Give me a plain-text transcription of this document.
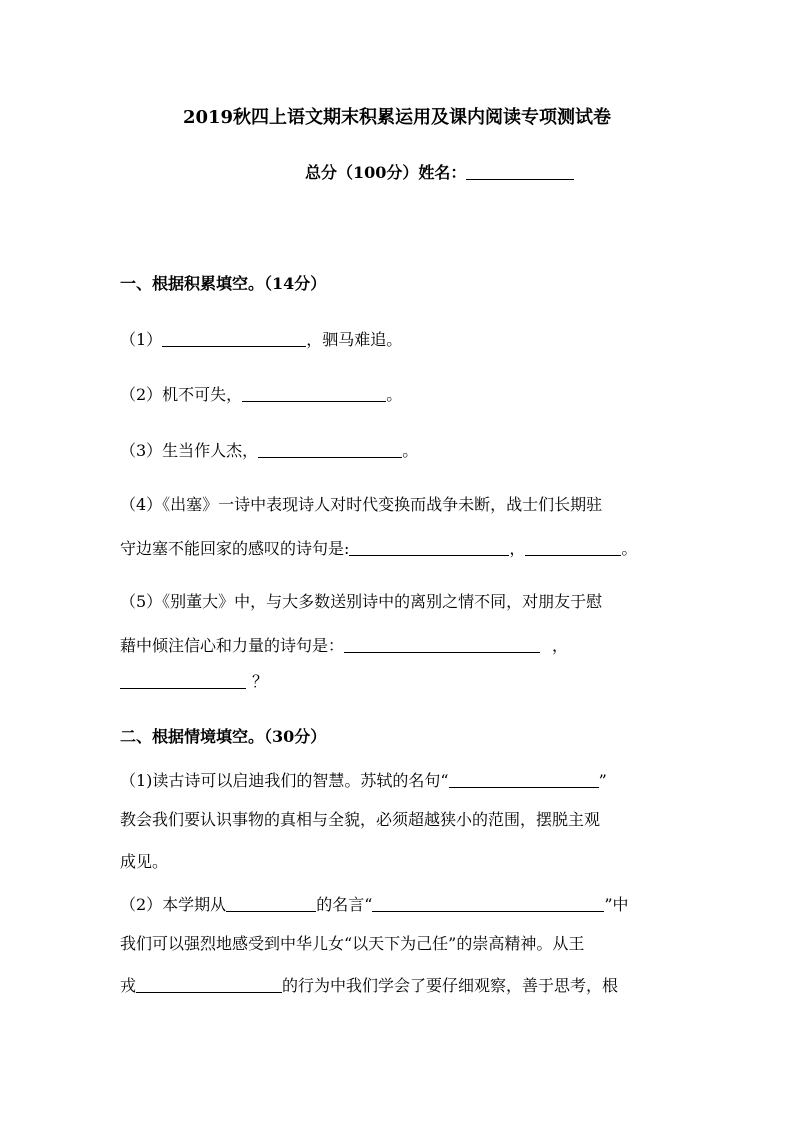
2019秋四上语文期末积累运用及课内阅读专项测试卷
总分（100分）姓名：
一、根据积累填空。（14分）
（1）	，驷马难追。
（2）机不可失，	。
（3）生当作人杰，	。
（4）《出塞》一诗中表现诗人对时代变换而战争未断，战士们长期驻
守边塞不能回家的感叹的诗句是:	，	。
（5）《别董大》中，与大多数送别诗中的离别之情不同，对朋友于慰
藉中倾注信心和力量的诗句是：	，
？
二、根据情境填空。（30分）
（1)读古诗可以启迪我们的智慧。苏轼的名句“	”
教会我们要认识事物的真相与全貌，必须超越狭小的范围，摆脱主观
成见。
（2）本学期从	的名言“	”中
我们可以强烈地感受到中华儿女“以天下为己任”的崇高精神。从王
戎	的行为中我们学会了要仔细观察，善于思考，根
